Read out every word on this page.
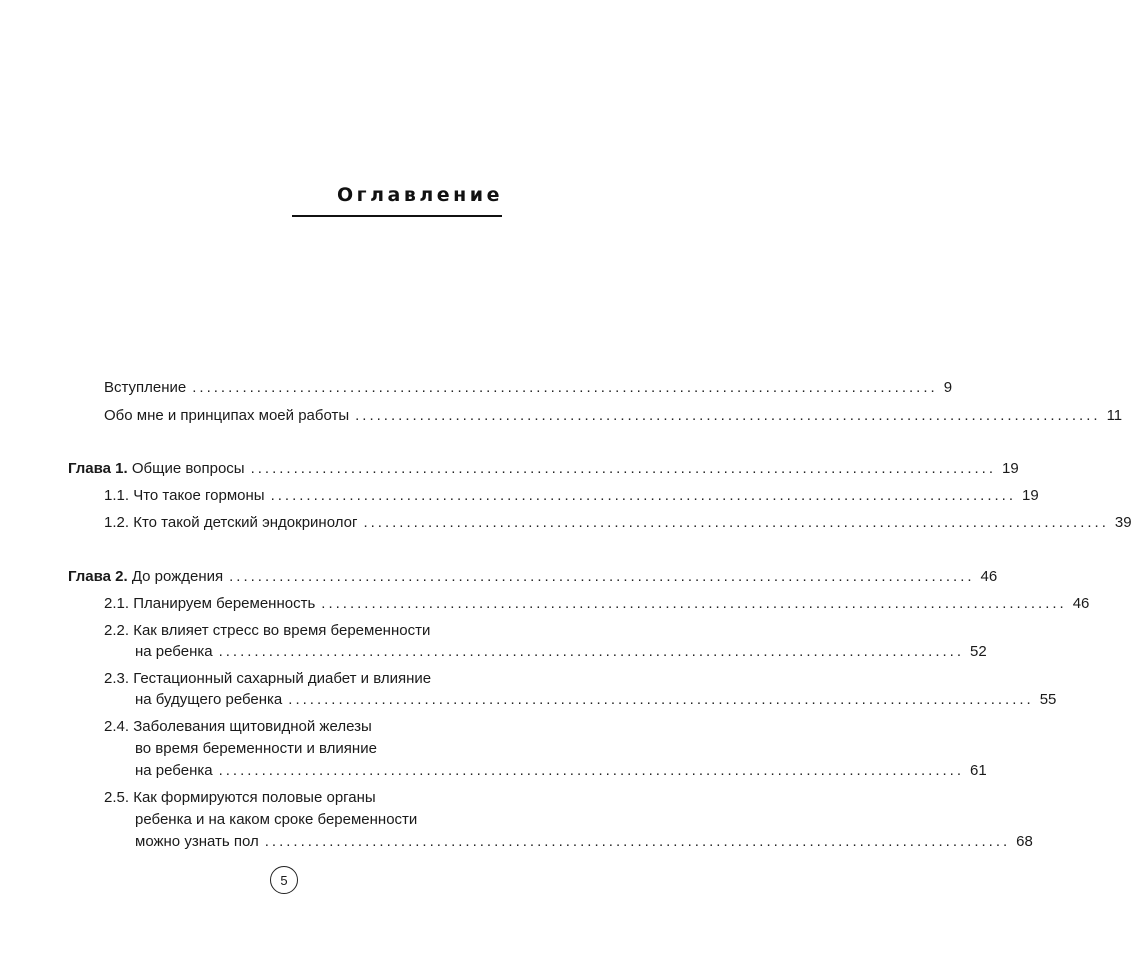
Оглавление
Вступление ........................................................................................................ 9
Обо мне и принципах моей работы ........................................................................................................ 11
Глава 1. Общие вопросы ........................................................................................................ 19
1.1. Что такое гормоны ........................................................................................................ 19
1.2. Кто такой детский эндокринолог ........................................................................................................ 39
Глава 2. До рождения ........................................................................................................ 46
2.1. Планируем беременность ........................................................................................................ 46
2.2. Как влияет стресс во время беременности
на ребенка ........................................................................................................ 52
2.3. Гестационный сахарный диабет и влияние
на будущего ребенка ........................................................................................................ 55
2.4. Заболевания щитовидной железы
во время беременности и влияние
на ребенка ........................................................................................................ 61
2.5. Как формируются половые органы
ребенка и на каком сроке беременности
можно узнать пол ........................................................................................................ 68
5
